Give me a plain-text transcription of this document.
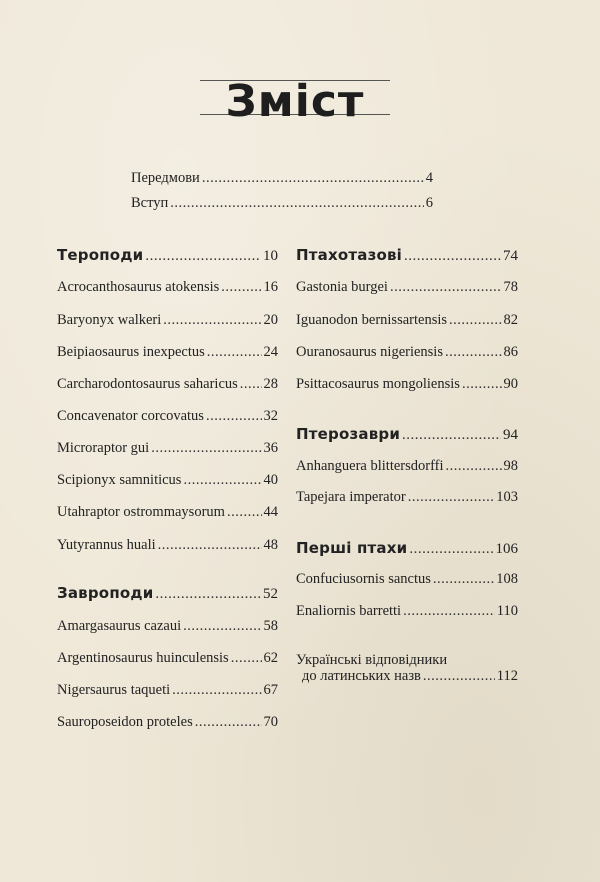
Зміст
Передмови .....	4
Вступ .....	6
Тероподи .....	10
Acrocanthosaurus atokensis .....	16
Baryonyx walkeri .....	20
Beipiaosaurus inexpectus .....	24
Carcharodontosaurus saharicus ..... 28
Concavenator corcovatus .....	32
Microraptor gui .....	36
Scipionyx samniticus .....	40
Utahraptor ostrommaysorum .....	44
Yutyrannus huali .....	48
Завроподи .....	52
Amargasaurus cazaui .....	58
Argentinosaurus huinculensis ..... 62
Nigersaurus taqueti .....	67
Sauroposeidon proteles .....	70
Птахотазові .....	74
Gastonia burgei .....	78
Iguanodon bernissartensis .....	82
Ouranosaurus nigeriensis .....	86
Psittacosaurus mongoliensis .....	90
Птерозаври .....	94
Anhanguera blittersdorffi .....	98
Tapejara imperator .....	103
Перші птахи .....	106
Confuciusornis sanctus .....	108
Enaliornis barretti .....	110
Українські відповідники
до латинських назв .....	112
